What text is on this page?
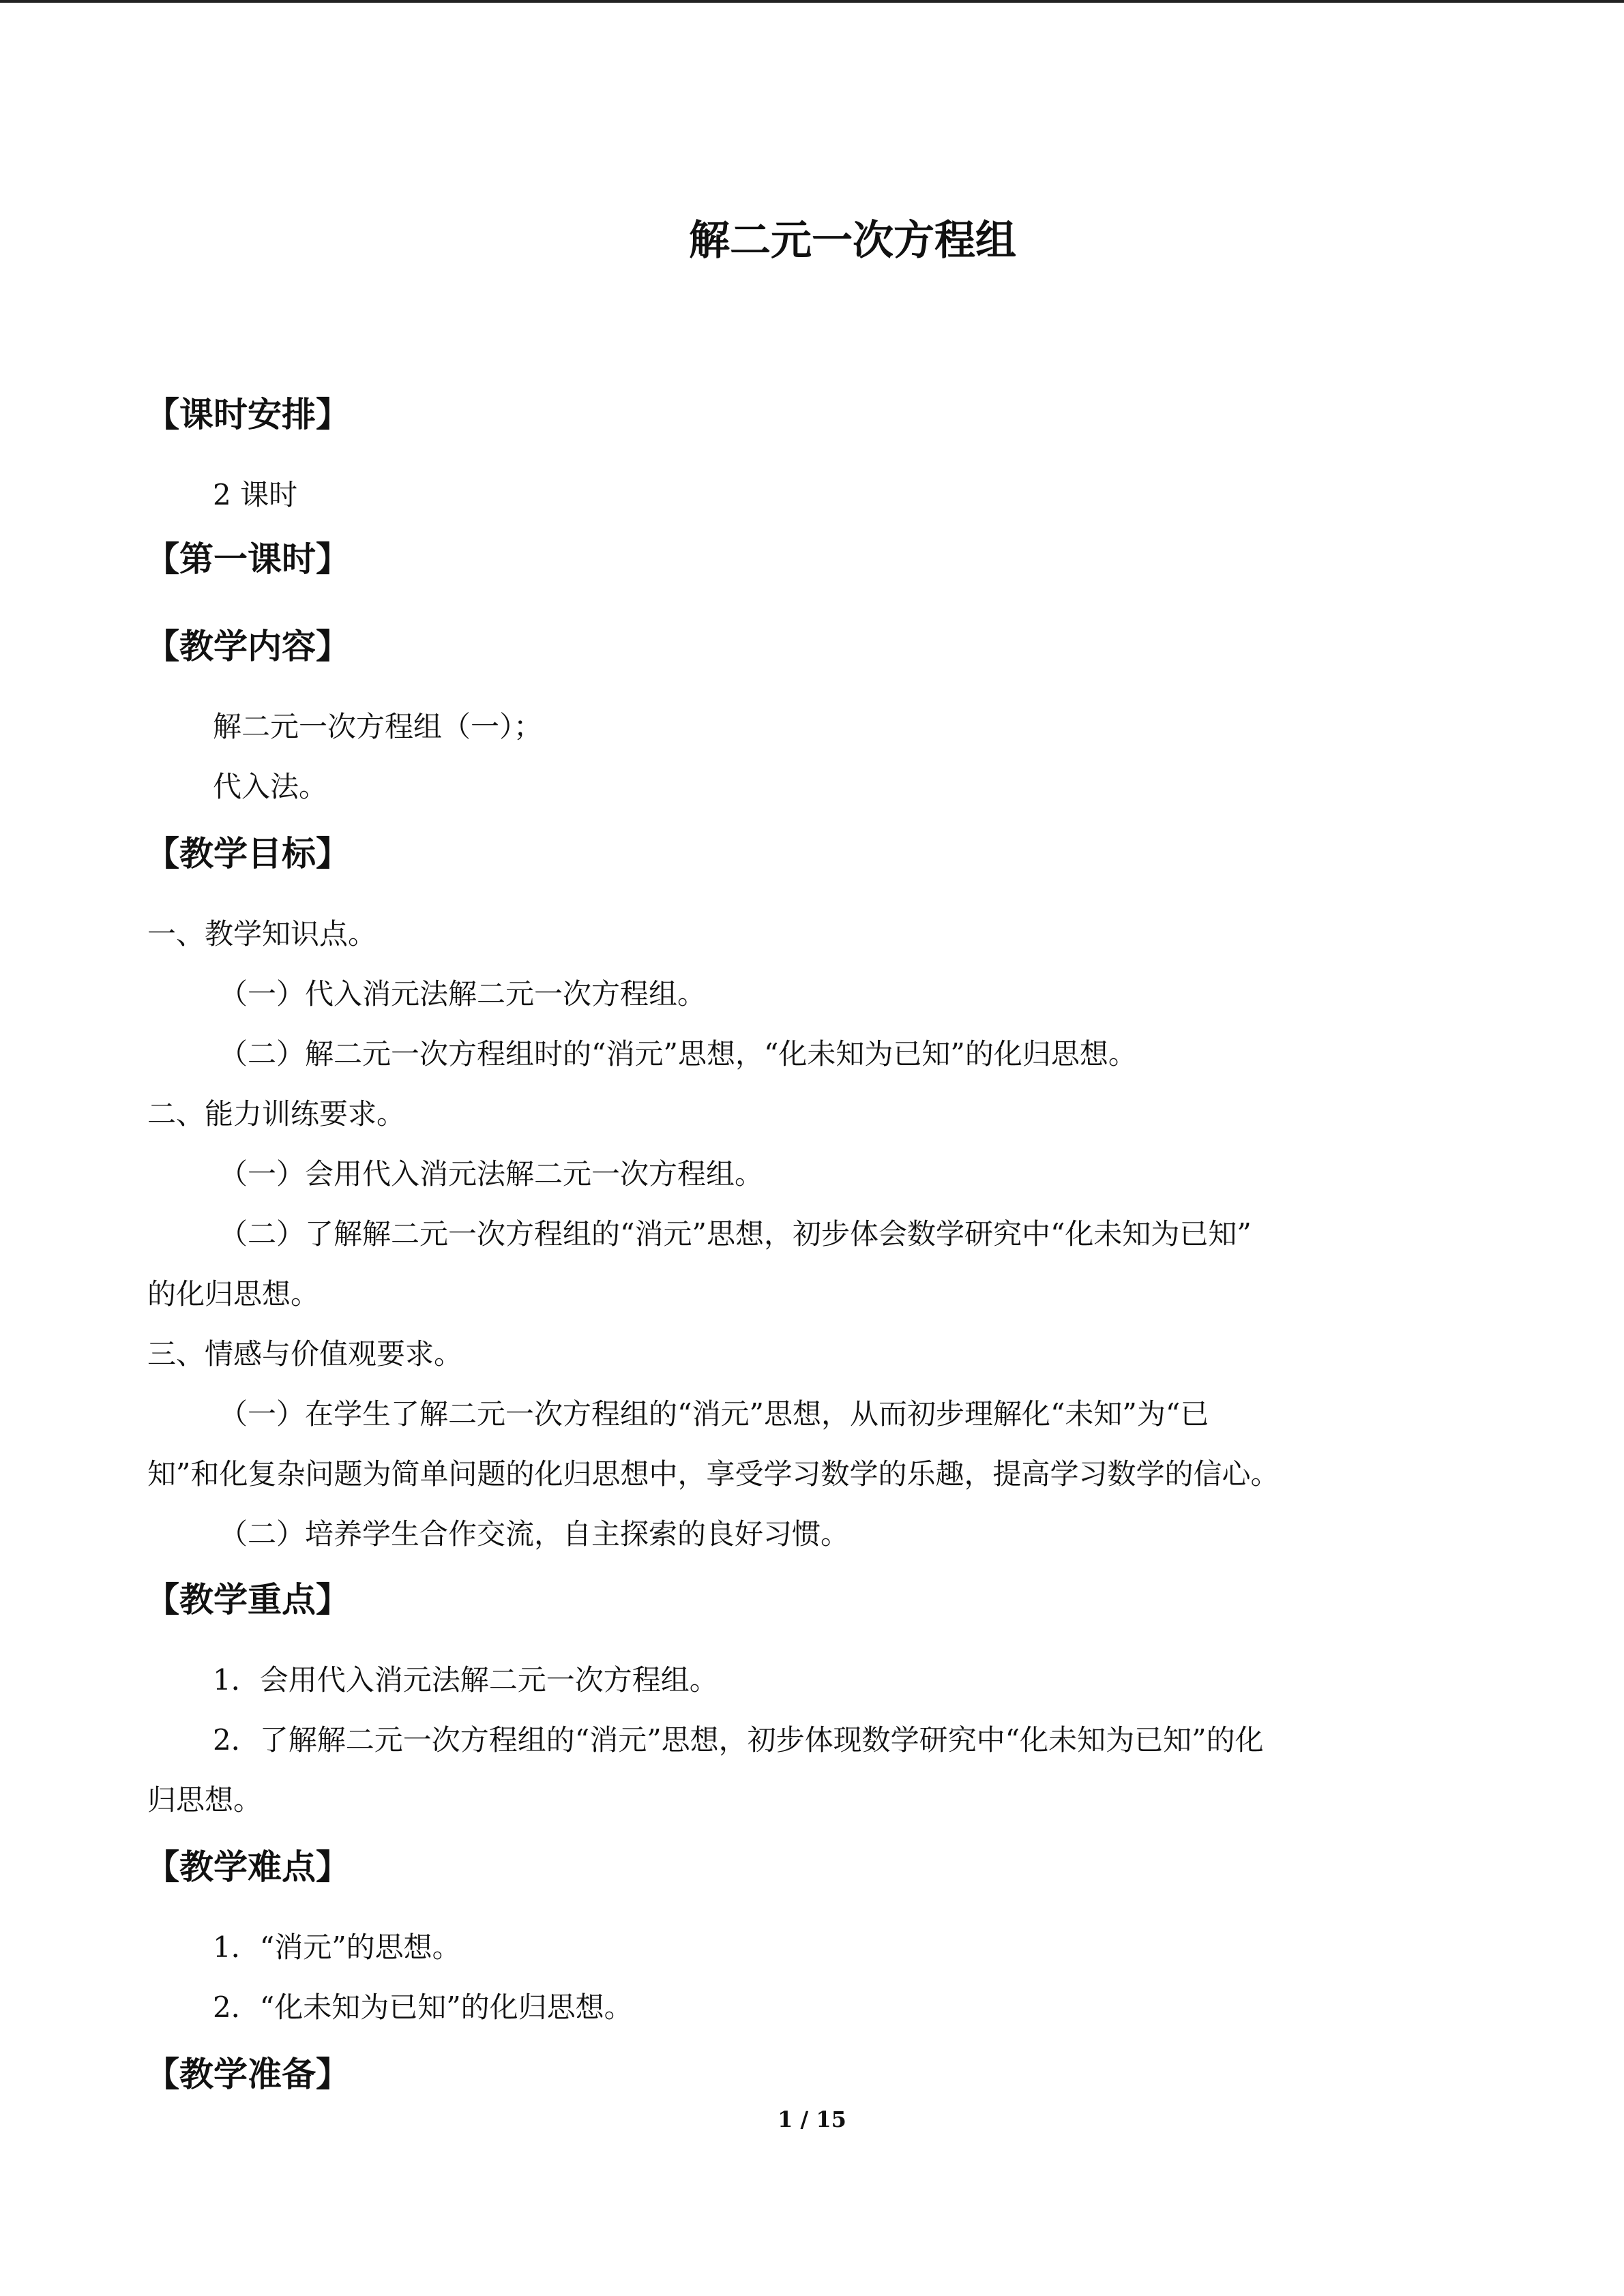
解二元一次方程组
【课时安排】

2 课时

【第一课时】
【教学内容】

解二元一次方程组（一）；

代入法。

【教学目标】

一、教学知识点。

（一）代入消元法解二元一次方程组。

（二）解二元一次方程组时的“消元”思想，“化未知为已知”的化归思想。

二、能力训练要求。

（一）会用代入消元法解二元一次方程组。

（二）了解解二元一次方程组的“消元”思想，初步体会数学研究中“化未知为已知”

的化归思想。

三、情感与价值观要求。

（一）在学生了解二元一次方程组的“消元”思想，从而初步理解化“未知”为“已

知”和化复杂问题为简单问题的化归思想中，享受学习数学的乐趣，提高学习数学的信心。

（二）培养学生合作交流，自主探索的良好习惯。

【教学重点】

1．会用代入消元法解二元一次方程组。

2．了解解二元一次方程组的“消元”思想，初步体现数学研究中“化未知为已知”的化

归思想。

【教学难点】

1．“消元”的思想。

2．“化未知为已知”的化归思想。

【教学准备】
1 / 15
